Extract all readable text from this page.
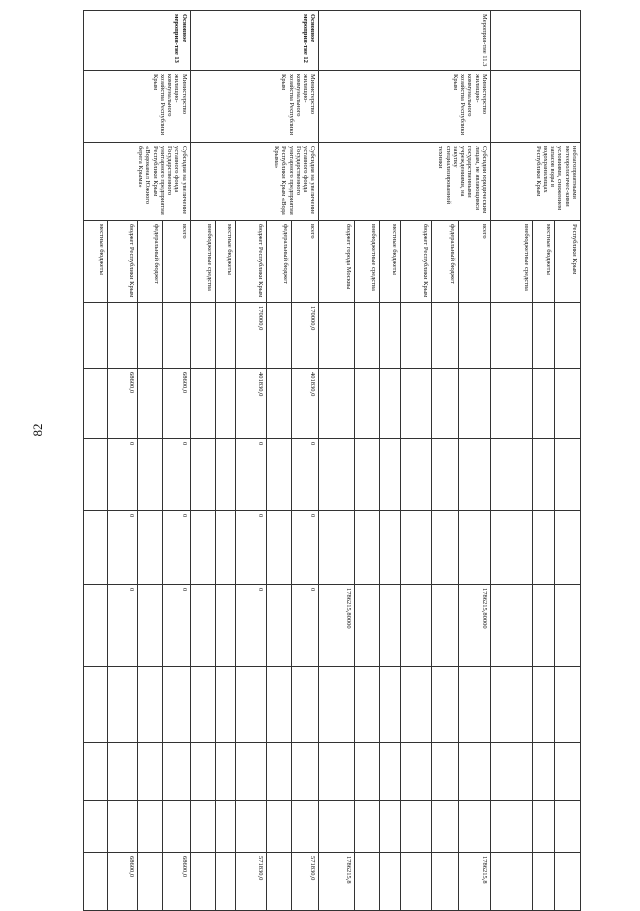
82
		неблагоприятными метеорологичес-кими условиями, снижением запасов воды в водохранилищах Республики Крым	Республики Крым									
			местные бюджеты									
			внебюджетные средства									
Мероприя-тие 11.3	Министерство жилищно-коммунального хозяйства Республики Крым	Субсидии юридическим лицам, не являющимся государственными учреждениями, на закупку специализированной техники	всего					1786215,80000				1786215,8
			федеральный бюджет									
			бюджет Республики Крым									
			местные бюджеты									
			внебюджетные средства									
			бюджет города Москвы					1786215,80000				1786215,8
Основное мероприя-тие 12	Министерство жилищно-коммунального хозяйства Республики Крым	Субсидия на увеличение уставного фонда Государственного унитарного предприятия Республики Крым «Вода Крыма»	всего	170000,0	401830,0	0	0	0				571830,0
			федеральный бюджет									
			бюджет Республики Крым	170000,0	401830,0	0	0	0				571830,0
			местные бюджеты									
			внебюджетные средства									
Основное мероприя-тие 13	Министерство жилищно-коммунального хозяйства Республики Крым	Субсидия на увеличение уставного фонда Государственного унитарного предприятия Республики Крым «Водоканал Южного берега Крыма»	всего		68600,0	0	0	0				68600,0
			федеральный бюджет									
			бюджет Республики Крым		68600,0	0	0	0				68600,0
			местные бюджеты									
